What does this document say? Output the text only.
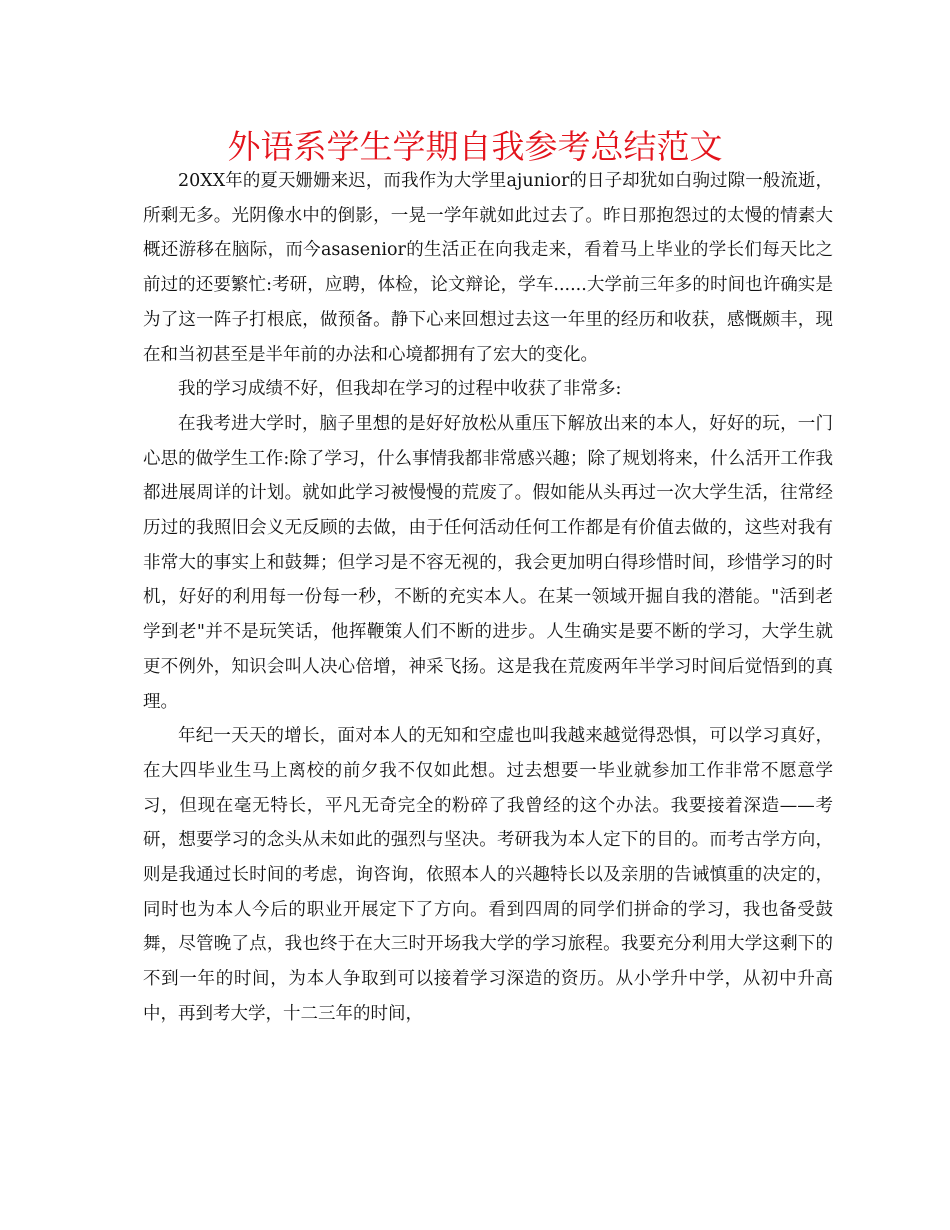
外语系学生学期自我参考总结范文

20XX年的夏天姗姗来迟，而我作为大学里ajunior的日子却犹如白驹过隙一般流逝，所剩无多。光阴像水中的倒影，一晃一学年就如此过去了。昨日那抱怨过的太慢的情素大概还游移在脑际，而今asasenior的生活正在向我走来，看着马上毕业的学长们每天比之前过的还要繁忙:考研，应聘，体检，论文辩论，学车......大学前三年多的时间也许确实是为了这一阵子打根底，做预备。静下心来回想过去这一年里的经历和收获，感慨颇丰，现在和当初甚至是半年前的办法和心境都拥有了宏大的变化。

我的学习成绩不好，但我却在学习的过程中收获了非常多:

在我考进大学时，脑子里想的是好好放松从重压下解放出来的本人，好好的玩，一门心思的做学生工作:除了学习，什么事情我都非常感兴趣；除了规划将来，什么活开工作我都进展周详的计划。就如此学习被慢慢的荒废了。假如能从头再过一次大学生活，往常经历过的我照旧会义无反顾的去做，由于任何活动任何工作都是有价值去做的，这些对我有非常大的事实上和鼓舞；但学习是不容无视的，我会更加明白得珍惜时间，珍惜学习的时机，好好的利用每一份每一秒，不断的充实本人。在某一领域开掘自我的潜能。"活到老学到老"并不是玩笑话，他挥鞭策人们不断的进步。人生确实是要不断的学习，大学生就更不例外，知识会叫人决心倍增，神采飞扬。这是我在荒废两年半学习时间后觉悟到的真理。

年纪一天天的增长，面对本人的无知和空虚也叫我越来越觉得恐惧，可以学习真好，在大四毕业生马上离校的前夕我不仅如此想。过去想要一毕业就参加工作非常不愿意学习，但现在毫无特长，平凡无奇完全的粉碎了我曾经的这个办法。我要接着深造——考研，想要学习的念头从未如此的强烈与坚决。考研我为本人定下的目的。而考古学方向，则是我通过长时间的考虑，询咨询，依照本人的兴趣特长以及亲朋的告诫慎重的决定的，同时也为本人今后的职业开展定下了方向。看到四周的同学们拼命的学习，我也备受鼓舞，尽管晚了点，我也终于在大三时开场我大学的学习旅程。我要充分利用大学这剩下的不到一年的时间，为本人争取到可以接着学习深造的资历。从小学升中学，从初中升高中，再到考大学，十二三年的时间，
